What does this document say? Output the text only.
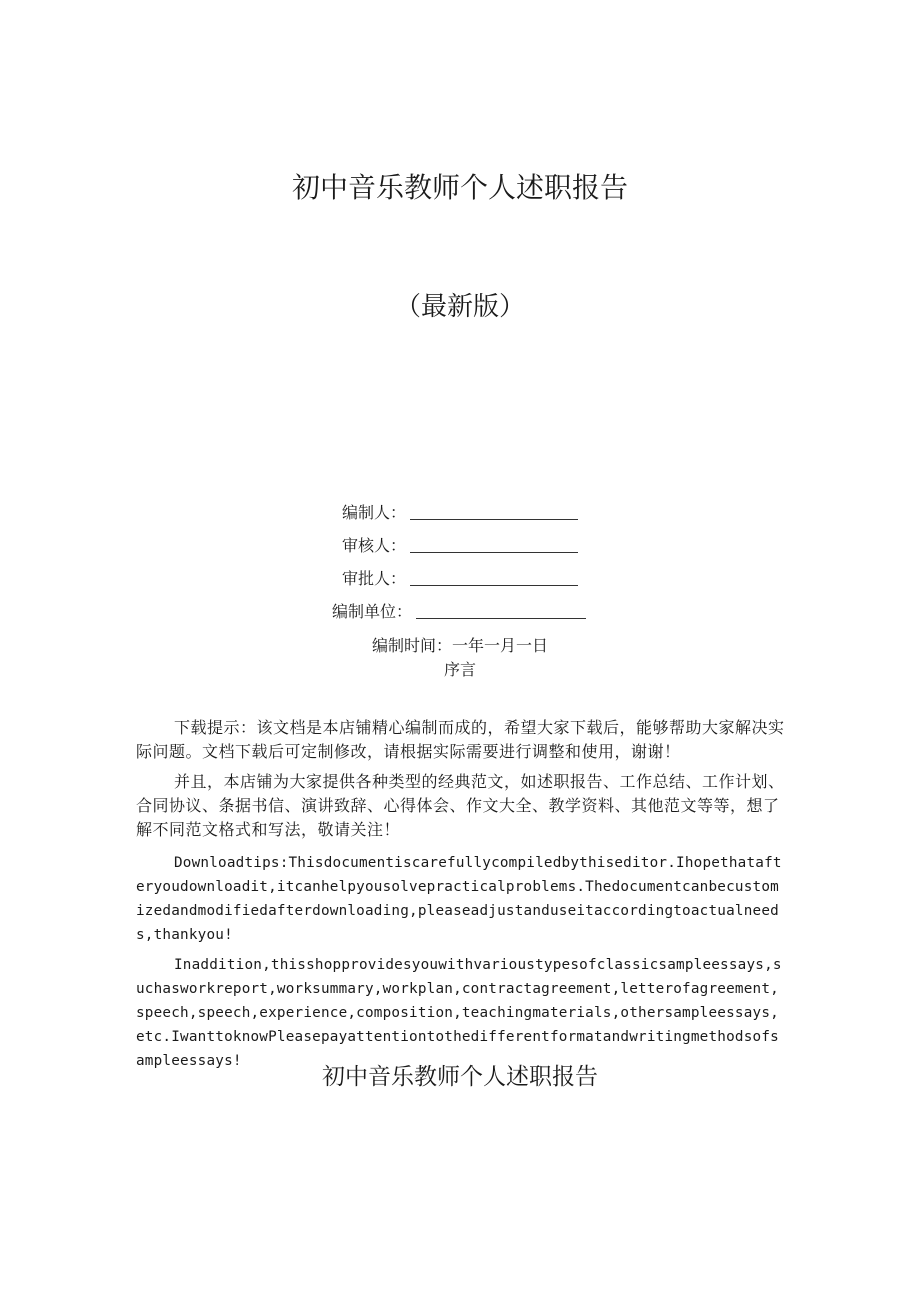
初中音乐教师个人述职报告
（最新版）
编制人：
审核人：
审批人：
编制单位：
编制时间：一年一月一日
序言
下载提示：该文档是本店铺精心编制而成的，希望大家下载后，能够帮助大家解决实际问题。文档下载后可定制修改，请根据实际需要进行调整和使用，谢谢！
并且，本店铺为大家提供各种类型的经典范文，如述职报告、工作总结、工作计划、合同协议、条据书信、演讲致辞、心得体会、作文大全、教学资料、其他范文等等，想了解不同范文格式和写法，敬请关注！
Downloadtips:Thisdocumentiscarefullycompiledbythiseditor.Ihopethatafteryoudownloadit,itcanhelpyousolvepracticalproblems.Thedocumentcanbecustomizedandmodifiedafterdownloading,pleaseadjustanduseitaccordingtoactualneeds,thankyou!
Inaddition,thisshopprovidesyouwithvarioustypesofclassicsampleessays,suchasworkreport,worksummary,workplan,contractagreement,letterofagreement,speech,speech,experience,composition,teachingmaterials,othersampleessays,etc.IwanttoknowPleasepayattentiontothedifferentformatandwritingmethodsofsampleessays!
初中音乐教师个人述职报告
